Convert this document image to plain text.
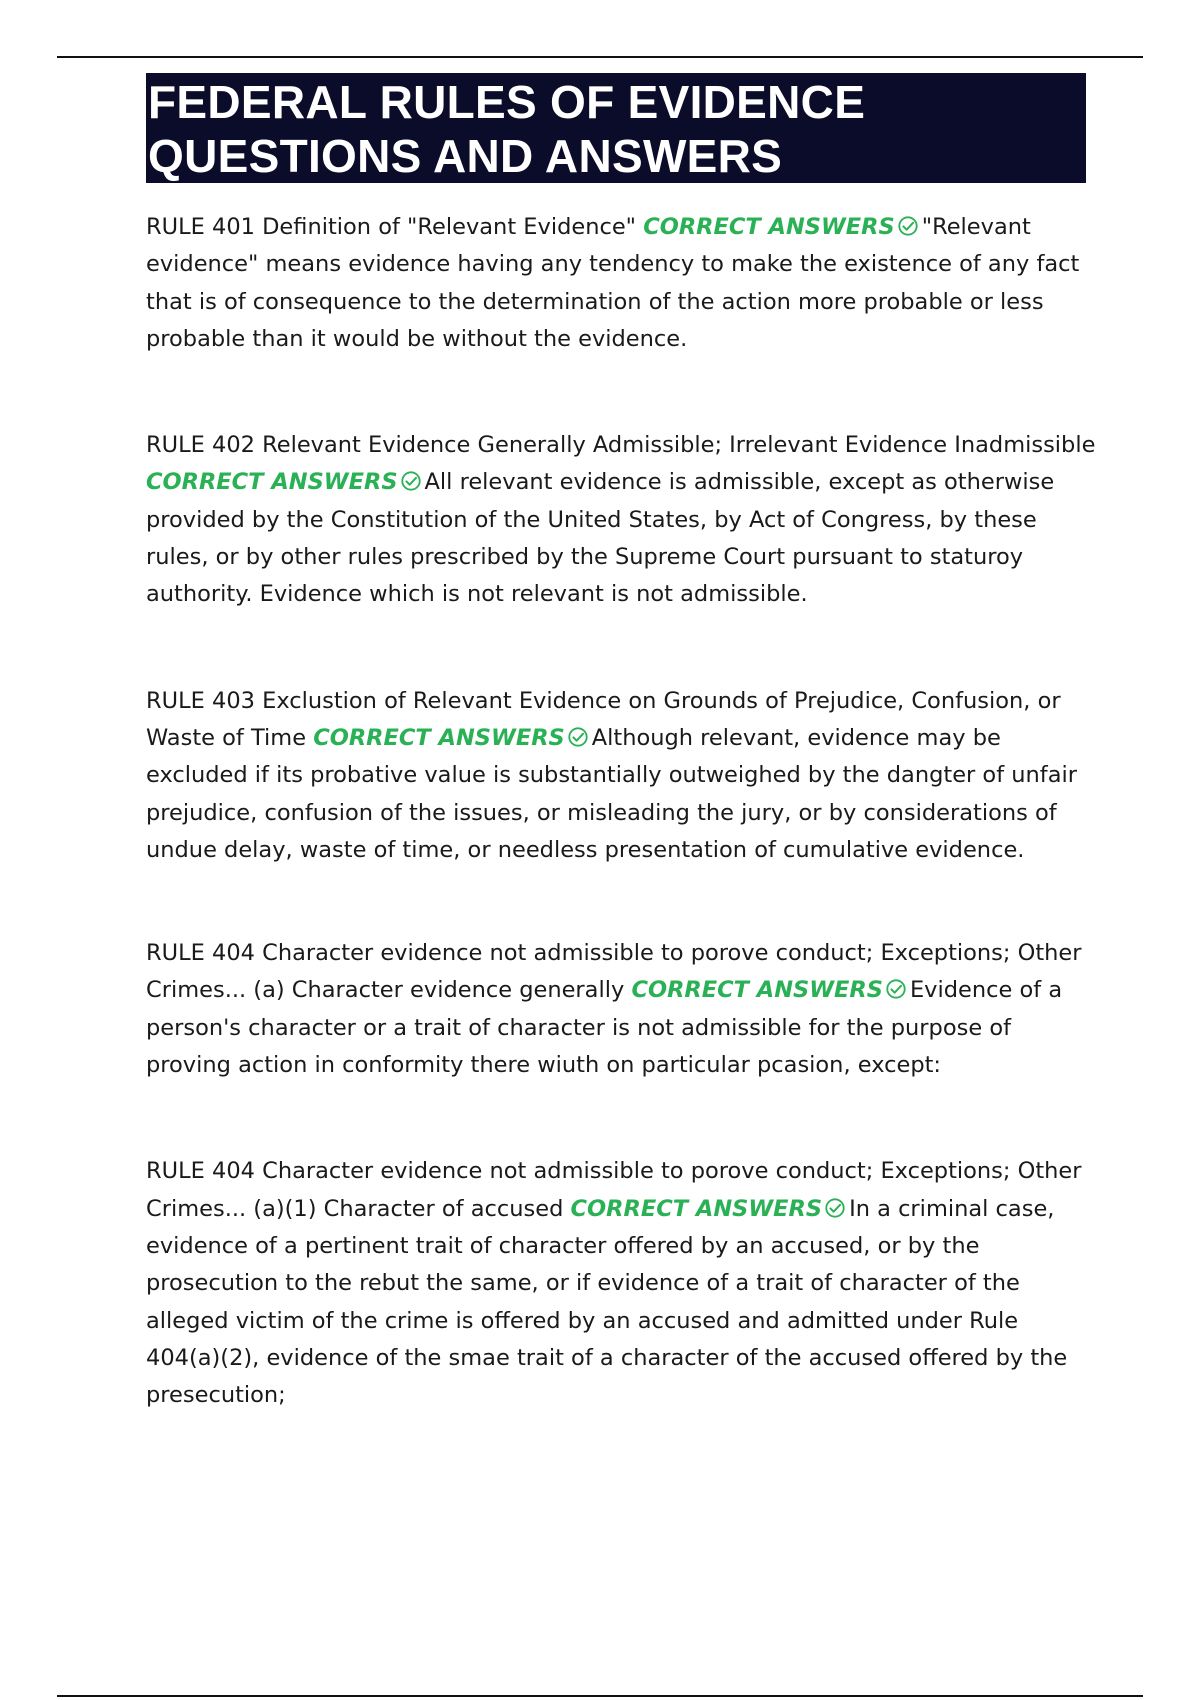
FEDERAL RULES OF EVIDENCE
QUESTIONS AND ANSWERS

RULE 401 Definition of "Relevant Evidence" CORRECT ANSWERS "Relevant evidence" means evidence having any tendency to make the existence of any fact that is of consequence to the determination of the action more probable or less probable than it would be without the evidence.

RULE 402 Relevant Evidence Generally Admissible; Irrelevant Evidence Inadmissible CORRECT ANSWERS All relevant evidence is admissible, except as otherwise provided by the Constitution of the United States, by Act of Congress, by these rules, or by other rules prescribed by the Supreme Court pursuant to staturoy authority. Evidence which is not relevant is not admissible.

RULE 403 Exclustion of Relevant Evidence on Grounds of Prejudice, Confusion, or Waste of Time CORRECT ANSWERS Although relevant, evidence may be excluded if its probative value is substantially outweighed by the dangter of unfair prejudice, confusion of the issues, or misleading the jury, or by considerations of undue delay, waste of time, or needless presentation of cumulative evidence.

RULE 404 Character evidence not admissible to porove conduct; Exceptions; Other Crimes... (a) Character evidence generally CORRECT ANSWERS Evidence of a person's character or a trait of character is not admissible for the purpose of proving action in conformity there wiuth on particular pcasion, except:

RULE 404 Character evidence not admissible to porove conduct; Exceptions; Other Crimes... (a)(1) Character of accused CORRECT ANSWERS In a criminal case, evidence of a pertinent trait of character offered by an accused, or by the prosecution to the rebut the same, or if evidence of a trait of character of the alleged victim of the crime is offered by an accused and admitted under Rule 404(a)(2), evidence of the smae trait of a character of the accused offered by the presecution;
